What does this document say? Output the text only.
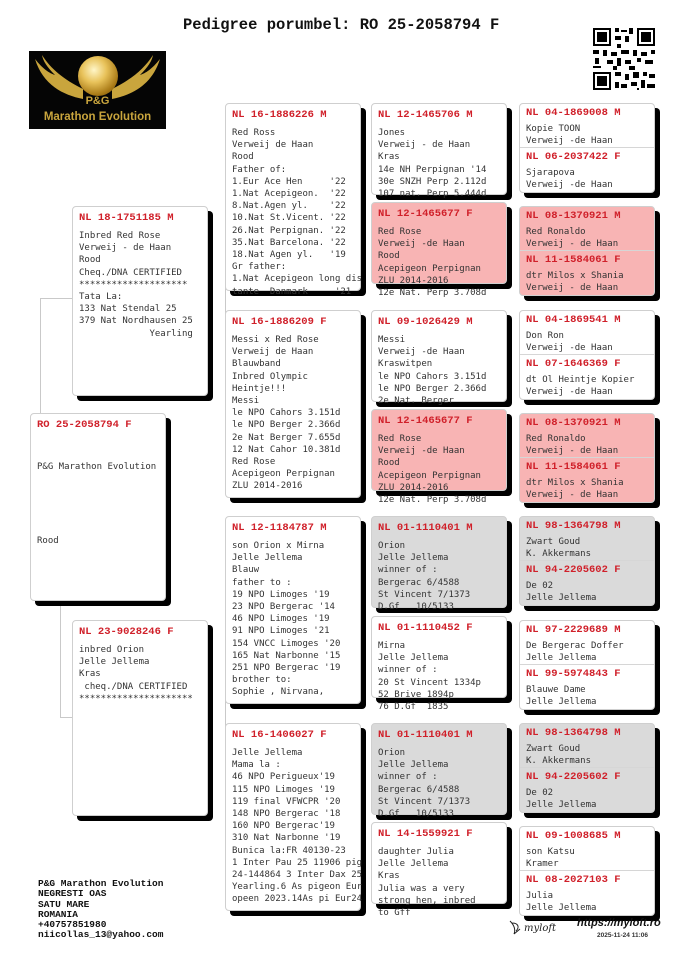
Pedigree porumbel: RO 25-2058794 F
P&G
Marathon Evolution
RO 25-2058794 F

P&G Marathon Evolution

Rood

NL 18-1751185 M
Inbred Red Rose
Verweij - de Haan
Rood
Cheq./DNA CERTIFIED
********************
Tata La:
133 Nat Stendal 25
379 Nat Nordhausen 25
Yearling
NL 23-9028246 F
inbred Orion
Jelle Jellema
Kras
cheq./DNA CERTIFIED
*********************
NL 16-1886226 M
Red Ross
Verweij de Haan
Rood
Father of:
1.Eur Ace Hen     '22
1.Nat Acepigeon.  '22
8.Nat.Agen yl.    '22
10.Nat St.Vicent. '22
26.Nat Perpignan. '22
35.Nat Barcelona. '22
18.Nat Agen yl.   '19
Gr father:
1.Nat Acepigeon long dis
tante  Danmark     '21
NL 16-1886209 F
Messi x Red Rose
Verweij de Haan
Blauwband
Inbred Olympic
Heintje!!!
Messi
le NPO Cahors 3.151d
le NPO Berger 2.366d
2e Nat Berger 7.655d
12 Nat Cahor 10.381d
Red Rose
Acepigeon Perpignan
ZLU 2014-2016
NL 12-1184787 M
son Orion x Mirna
Jelle Jellema
Blauw
father to :
19 NPO Limoges '19
23 NPO Bergerac '14
46 NPO Limoges '19
91 NPO Limoges '21
154 VNCC Limoges '20
165 Nat Narbonne '15
251 NPO Bergerac '19
brother to:
Sophie , Nirvana,
NL 16-1406027 F
Jelle Jellema
Mama la :
46 NPO Perigueux'19
115 NPO Limoges '19
119 final VFWCPR '20
148 NPO Bergerac '18
160 NPO Bergerac'19
310 Nat Narbonne '19
Bunica la:FR 40130-23
1 Inter Pau 25 11906 pig
24-144864 3 Inter Dax 25
Yearling.6 As pigeon Eur
opeen 2023.14As pi Eur24
NL 12-1465706 M
Jones
Verweij - de Haan
Kras
14e NH Perpignan '14
30e SNZH Perp 2.112d
107 nat. Perp 5.444d
NL 12-1465677 F
Red Rose
Verweij -de Haan
Rood
Acepigeon Perpignan
ZLU 2014-2016
12e Nat. Perp 3.708d
NL 09-1026429 M
Messi
Verweij -de Haan
Kraswitpen
le NPO Cahors 3.151d
le NPO Berger 2.366d
2e Nat. Berger
NL 12-1465677 F
Red Rose
Verweij -de Haan
Rood
Acepigeon Perpignan
ZLU 2014-2016
12e Nat. Perp 3.708d
NL 01-1110401 M
Orion
Jelle Jellema
winner of :
Bergerac 6/4588
St Vincent 7/1373
D.Gf   10/5133
NL 01-1110452 F
Mirna
Jelle Jellema
winner of :
20 St Vincent 1334p
52 Brive 1894p
76 D.Gf  1835
NL 01-1110401 M
Orion
Jelle Jellema
winner of :
Bergerac 6/4588
St Vincent 7/1373
D.Gf   10/5133
NL 14-1559921 F
daughter Julia
Jelle Jellema
Kras
Julia was a very
strong hen, inbred
to Gff
NL 04-1869008 M
Kopie TOON
Verweij -de Haan
NL 06-2037422 F
Sjarapova
Verweij -de Haan
NL 08-1370921 M
Red Ronaldo
Verweij - de Haan
NL 11-1584061 F
dtr Milos x Shania
Verweij - de Haan
NL 04-1869541 M
Don Ron
Verweij -de Haan
NL 07-1646369 F
dt Ol Heintje Kopier
Verweij -de Haan
NL 08-1370921 M
Red Ronaldo
Verweij - de Haan
NL 11-1584061 F
dtr Milos x Shania
Verweij - de Haan
NL 98-1364798 M
Zwart Goud
K. Akkermans
NL 94-2205602 F
De 02
Jelle Jellema
NL 97-2229689 M
De Bergerac Doffer
Jelle Jellema
NL 99-5974843 F
Blauwe Dame
Jelle Jellema
NL 98-1364798 M
Zwart Goud
K. Akkermans
NL 94-2205602 F
De 02
Jelle Jellema
NL 09-1008685 M
son Katsu
Kramer
NL 08-2027103 F
Julia
Jelle Jellema
P&G Marathon Evolution
NEGRESTI OAS
SATU MARE
ROMANIA
+40757851980
niicollas_13@yahoo.com
myloft https://myloft.ro
2025-11-24 11:06
